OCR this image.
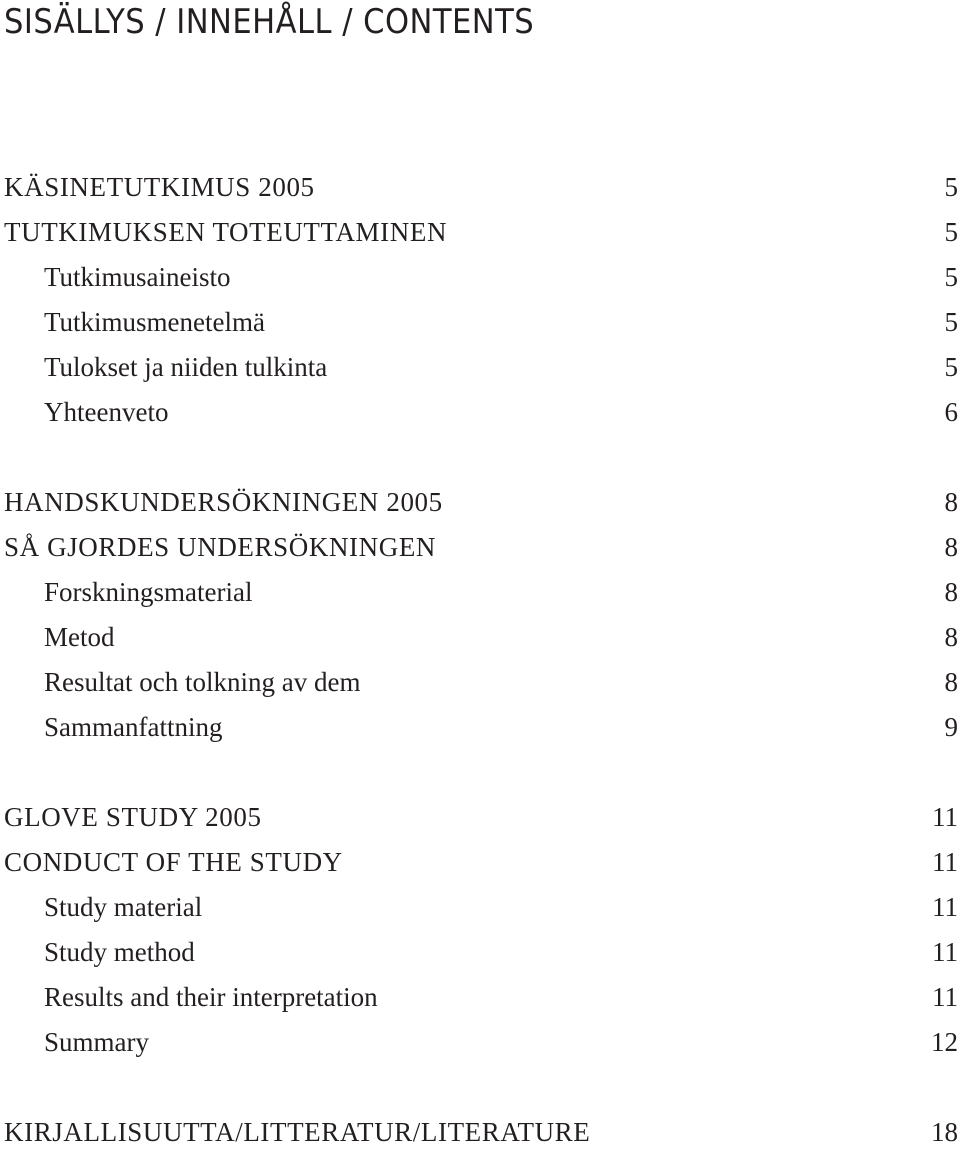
SISÄLLYS / INNEHÅLL / CONTENTS
KÄSINETUTKIMUS 2005	5
TUTKIMUKSEN TOTEUTTAMINEN	5
Tutkimusaineisto	5
Tutkimusmenetelmä	5
Tulokset ja niiden tulkinta	5
Yhteenveto	6
HANDSKUNDERSÖKNINGEN 2005	8
SÅ GJORDES UNDERSÖKNINGEN	8
Forskningsmaterial	8
Metod	8
Resultat och tolkning av dem	8
Sammanfattning	9
GLOVE STUDY 2005	11
CONDUCT OF THE STUDY	11
Study material	11
Study method	11
Results and their interpretation	11
Summary	12
KIRJALLISUUTTA/LITTERATUR/LITERATURE	18
